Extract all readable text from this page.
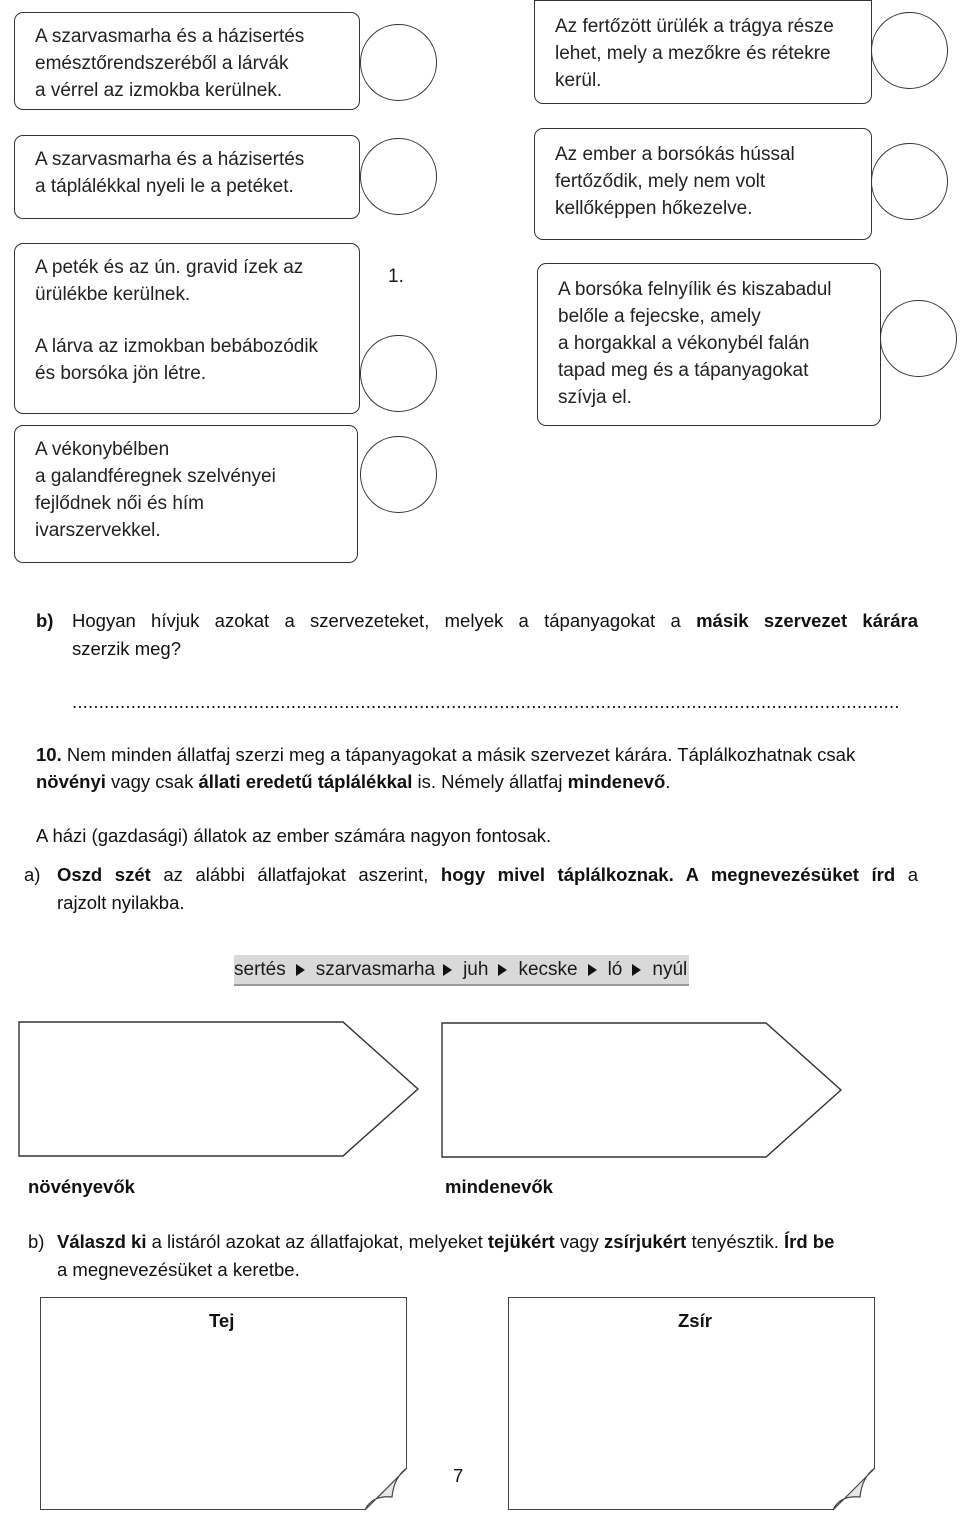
A szarvasmarha és a házisertés
emésztőrendszeréből a lárvák
a vérrel az izmokba kerülnek.
A szarvasmarha és a házisertés
a táplálékkal nyeli le a petéket.
A peték és az ún. gravid ízek az
ürülékbe kerülnek.
A lárva az izmokban bebábozódik
és borsóka jön létre.
1.
A vékonybélben
a galandféregnek szelvényei
fejlődnek női és hím
ivarszervekkel.
Az fertőzött ürülék a trágya része
lehet, mely a mezőkre és rétekre
kerül.
Az ember a borsókás hússal
fertőződik, mely nem volt
kellőképpen hőkezelve.
A borsóka felnyílik és kiszabadul
belőle a fejecske, amely
a horgakkal a vékonybél falán
tapad meg és a tápanyagokat
szívja el.
b) Hogyan hívjuk azokat a szervezeteket, melyek a tápanyagokat a másik szervezet kárára
szerzik meg?
...........................................................................................................................................................
10. Nem minden állatfaj szerzi meg a tápanyagokat a másik szervezet kárára. Táplálkozhatnak csak
növényi vagy csak állati eredetű táplálékkal is. Némely állatfaj mindenevő.
A házi (gazdasági) állatok az ember számára nagyon fontosak.
a) Oszd szét az alábbi állatfajokat aszerint, hogy mivel táplálkoznak. A megnevezésüket írd a
rajzolt nyilakba.
sertés szarvasmarha juh kecske ló nyúl
növényevők	mindenevők
b) Válaszd ki a listáról azokat az állatfajokat, melyeket tejükért vagy zsírjukért tenyésztik. Írd be
a megnevezésüket a keretbe.
Tej	Zsír
7
